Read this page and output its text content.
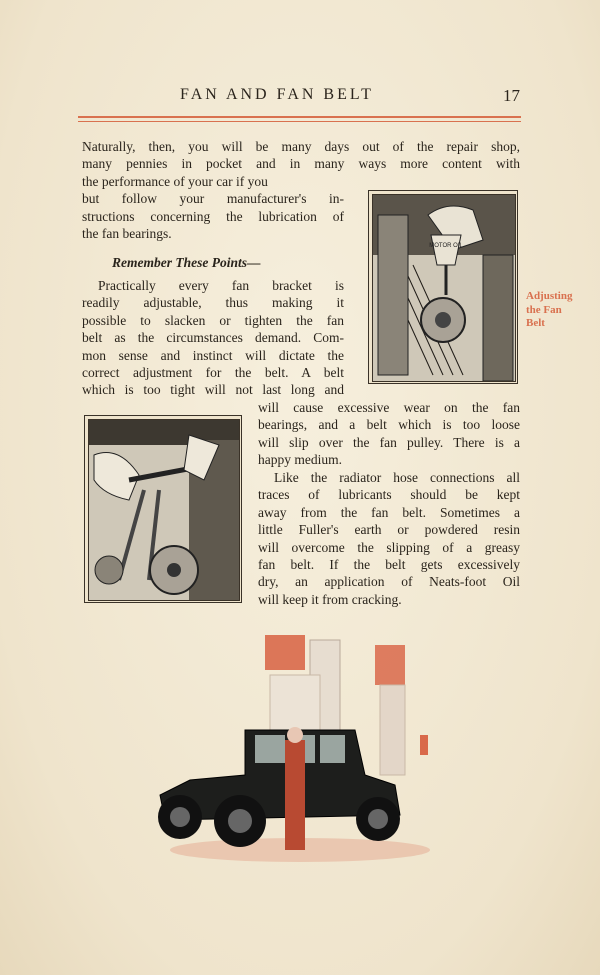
FAN AND FAN BELT	17

Naturally, then, you will be many days out of the repair shop,

many pennies in pocket and in many ways more content with

the performance of your car if you

but follow your manufacturer's in-

structions concerning the lubrication of

the fan bearings.

Remember These Points—

Practically every fan bracket is

readily adjustable, thus making it

possible to slacken or tighten the fan

belt as the circumstances demand. Com-

mon sense and instinct will dictate the

correct adjustment for the belt. A belt

which is too tight will not last long and

will cause excessive wear on the fan

bearings, and a belt which is too loose

will slip over the fan pulley. There is a

happy medium.

Like the radiator hose connections all

traces of lubricants should be kept

away from the fan belt. Sometimes a

little Fuller's earth or powdered resin

will overcome the slipping of a greasy

fan belt. If the belt gets excessively

dry, an application of Neats-foot Oil

will keep it from cracking.

MOTOR OIL
Adjusting
the Fan
Belt
